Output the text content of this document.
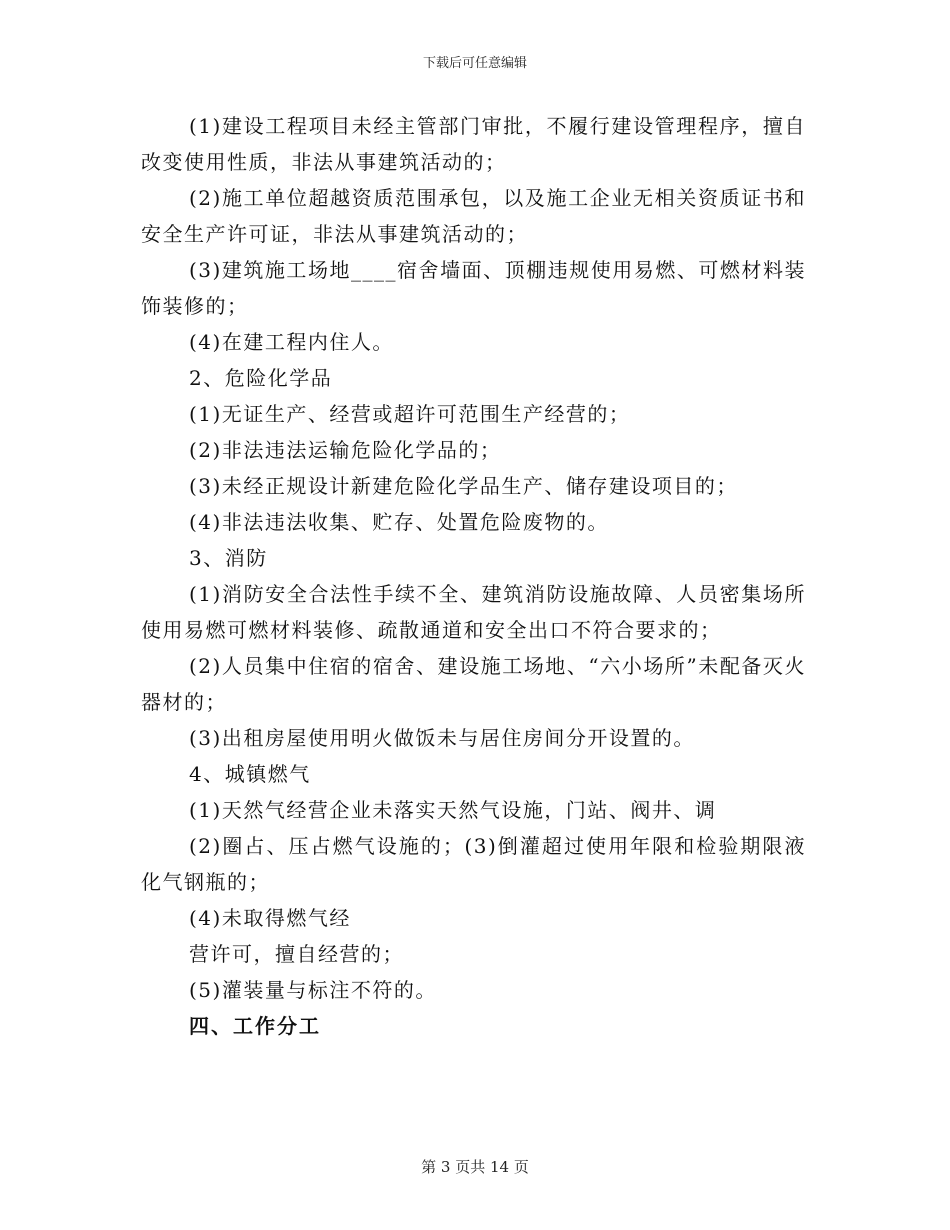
下载后可任意编辑

(1)建设工程项目未经主管部门审批，不履行建设管理程序，擅自改变使用性质，非法从事建筑活动的；

(2)施工单位超越资质范围承包，以及施工企业无相关资质证书和安全生产许可证，非法从事建筑活动的；

(3)建筑施工场地____宿舍墙面、顶棚违规使用易燃、可燃材料装饰装修的；

(4)在建工程内住人。

2、危险化学品

(1)无证生产、经营或超许可范围生产经营的；

(2)非法违法运输危险化学品的；

(3)未经正规设计新建危险化学品生产、储存建设项目的；

(4)非法违法收集、贮存、处置危险废物的。

3、消防

(1)消防安全合法性手续不全、建筑消防设施故障、人员密集场所使用易燃可燃材料装修、疏散通道和安全出口不符合要求的；

(2)人员集中住宿的宿舍、建设施工场地、“六小场所”未配备灭火器材的；

(3)出租房屋使用明火做饭未与居住房间分开设置的。

4、城镇燃气

(1)天然气经营企业未落实天然气设施，门站、阀井、调

(2)圈占、压占燃气设施的；(3)倒灌超过使用年限和检验期限液化气钢瓶的；

(4)未取得燃气经

营许可，擅自经营的；

(5)灌装量与标注不符的。

四、工作分工

第 3 页共 14 页
